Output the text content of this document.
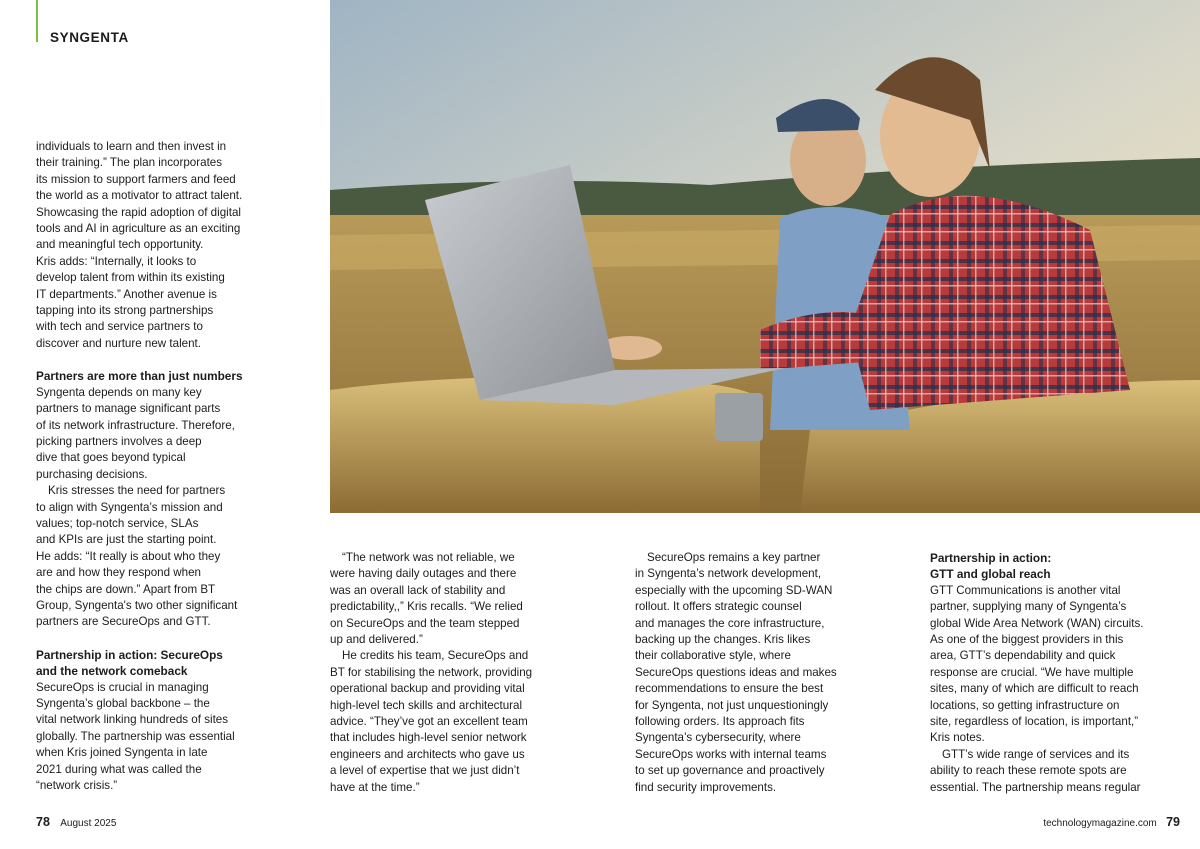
SYNGENTA
individuals to learn and then invest in
their training.” The plan incorporates
its mission to support farmers and feed
the world as a motivator to attract talent.
Showcasing the rapid adoption of digital
tools and AI in agriculture as an exciting
and meaningful tech opportunity.
Kris adds: “Internally, it looks to
develop talent from within its existing
IT departments.” Another avenue is
tapping into its strong partnerships
with tech and service partners to
discover and nurture new talent.
Partners are more than just numbers
Syngenta depends on many key
partners to manage significant parts
of its network infrastructure. Therefore,
picking partners involves a deep
dive that goes beyond typical
purchasing decisions.
Kris stresses the need for partners
to align with Syngenta’s mission and
values; top-notch service, SLAs
and KPIs are just the starting point.
He adds: “It really is about who they
are and how they respond when
the chips are down.” Apart from BT
Group, Syngenta's two other significant
partners are SecureOps and GTT.
Partnership in action: SecureOps
and the network comeback
SecureOps is crucial in managing
Syngenta’s global backbone – the
vital network linking hundreds of sites
globally. The partnership was essential
when Kris joined Syngenta in late
2021 during what was called the
“network crisis.”
“The network was not reliable, we
were having daily outages and there
was an overall lack of stability and
predictability,,” Kris recalls. “We relied
on SecureOps and the team stepped
up and delivered.”
He credits his team, SecureOps and
BT for stabilising the network, providing
operational backup and providing vital
high-level tech skills and architectural
advice. “They’ve got an excellent team
that includes high-level senior network
engineers and architects who gave us
a level of expertise that we just didn’t
have at the time.”
SecureOps remains a key partner
in Syngenta’s network development,
especially with the upcoming SD-WAN
rollout. It offers strategic counsel
and manages the core infrastructure,
backing up the changes. Kris likes
their collaborative style, where
SecureOps questions ideas and makes
recommendations to ensure the best
for Syngenta, not just unquestioningly
following orders. Its approach fits
Syngenta’s cybersecurity, where
SecureOps works with internal teams
to set up governance and proactively
find security improvements.
Partnership in action:
GTT and global reach
GTT Communications is another vital
partner, supplying many of Syngenta’s
global Wide Area Network (WAN) circuits.
As one of the biggest providers in this
area, GTT’s dependability and quick
response are crucial. “We have multiple
sites, many of which are difficult to reach
locations, so getting infrastructure on
site, regardless of location, is important,”
Kris notes.
GTT’s wide range of services and its
ability to reach these remote spots are
essential. The partnership means regular
78 August 2025	technologymagazine.com 79
